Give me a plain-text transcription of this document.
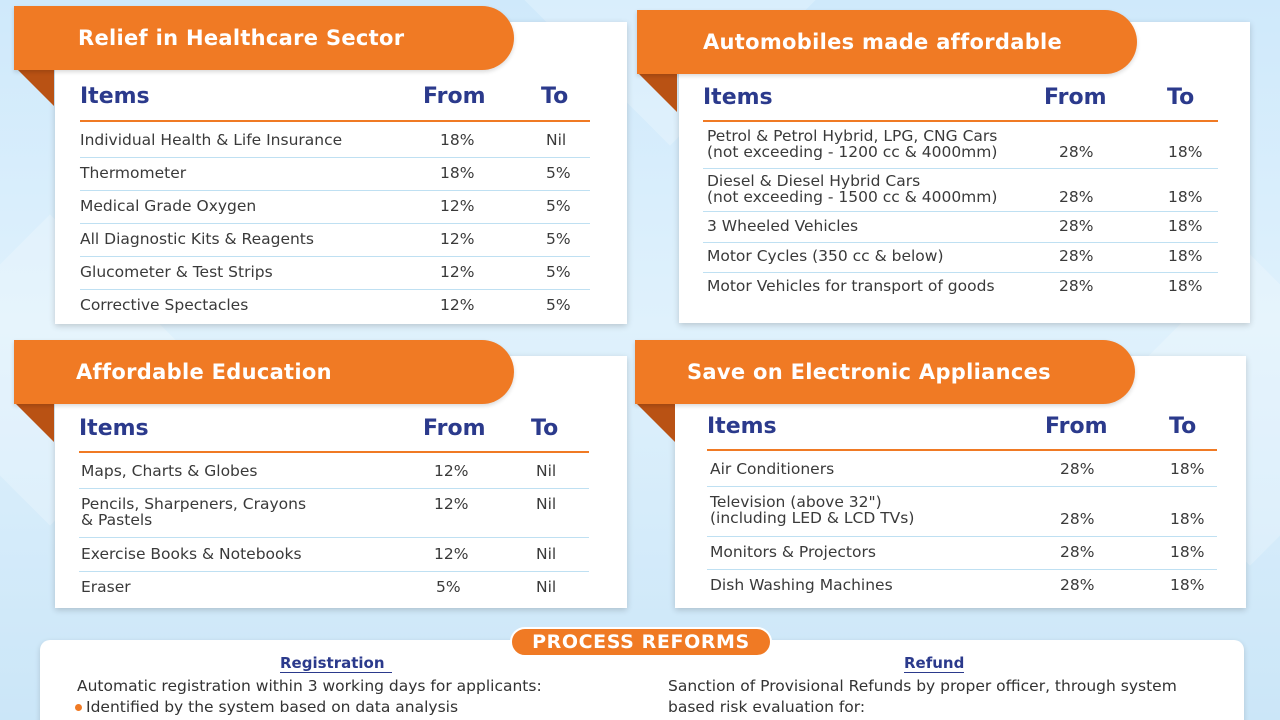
Relief in Healthcare Sector
Items	From	To
Individual Health & Life Insurance	18%	Nil
Thermometer	18%	5%
Medical Grade Oxygen	12%	5%
All Diagnostic Kits & Reagents	12%	5%
Glucometer & Test Strips	12%	5%
Corrective Spectacles	12%	5%
Automobiles made affordable
Items	From	To
Petrol & Petrol Hybrid, LPG, CNG Cars
(not exceeding - 1200 cc & 4000mm)	28%	18%
Diesel & Diesel Hybrid Cars
(not exceeding - 1500 cc & 4000mm)	28%	18%
3 Wheeled Vehicles	28%	18%
Motor Cycles (350 cc & below)	28%	18%
Motor Vehicles for transport of goods	28%	18%
Affordable Education
Items	From To
Maps, Charts & Globes	12%	Nil
Pencils, Sharpeners, Crayons
& Pastels
12%	Nil
Exercise Books & Notebooks	12%	Nil
Eraser	5%	Nil
Save on Electronic Appliances
Items	From	To
Air Conditioners	28%	18%
Television (above 32")
(including LED & LCD TVs)	28%	18%
Monitors & Projectors	28%	18%
Dish Washing Machines	28%	18%
PROCESS REFORMS
Registration
Automatic registration within 3 working days for applicants:
Identified by the system based on data analysis
Refund
Sanction of Provisional Refunds by proper officer, through system
based risk evaluation for:
